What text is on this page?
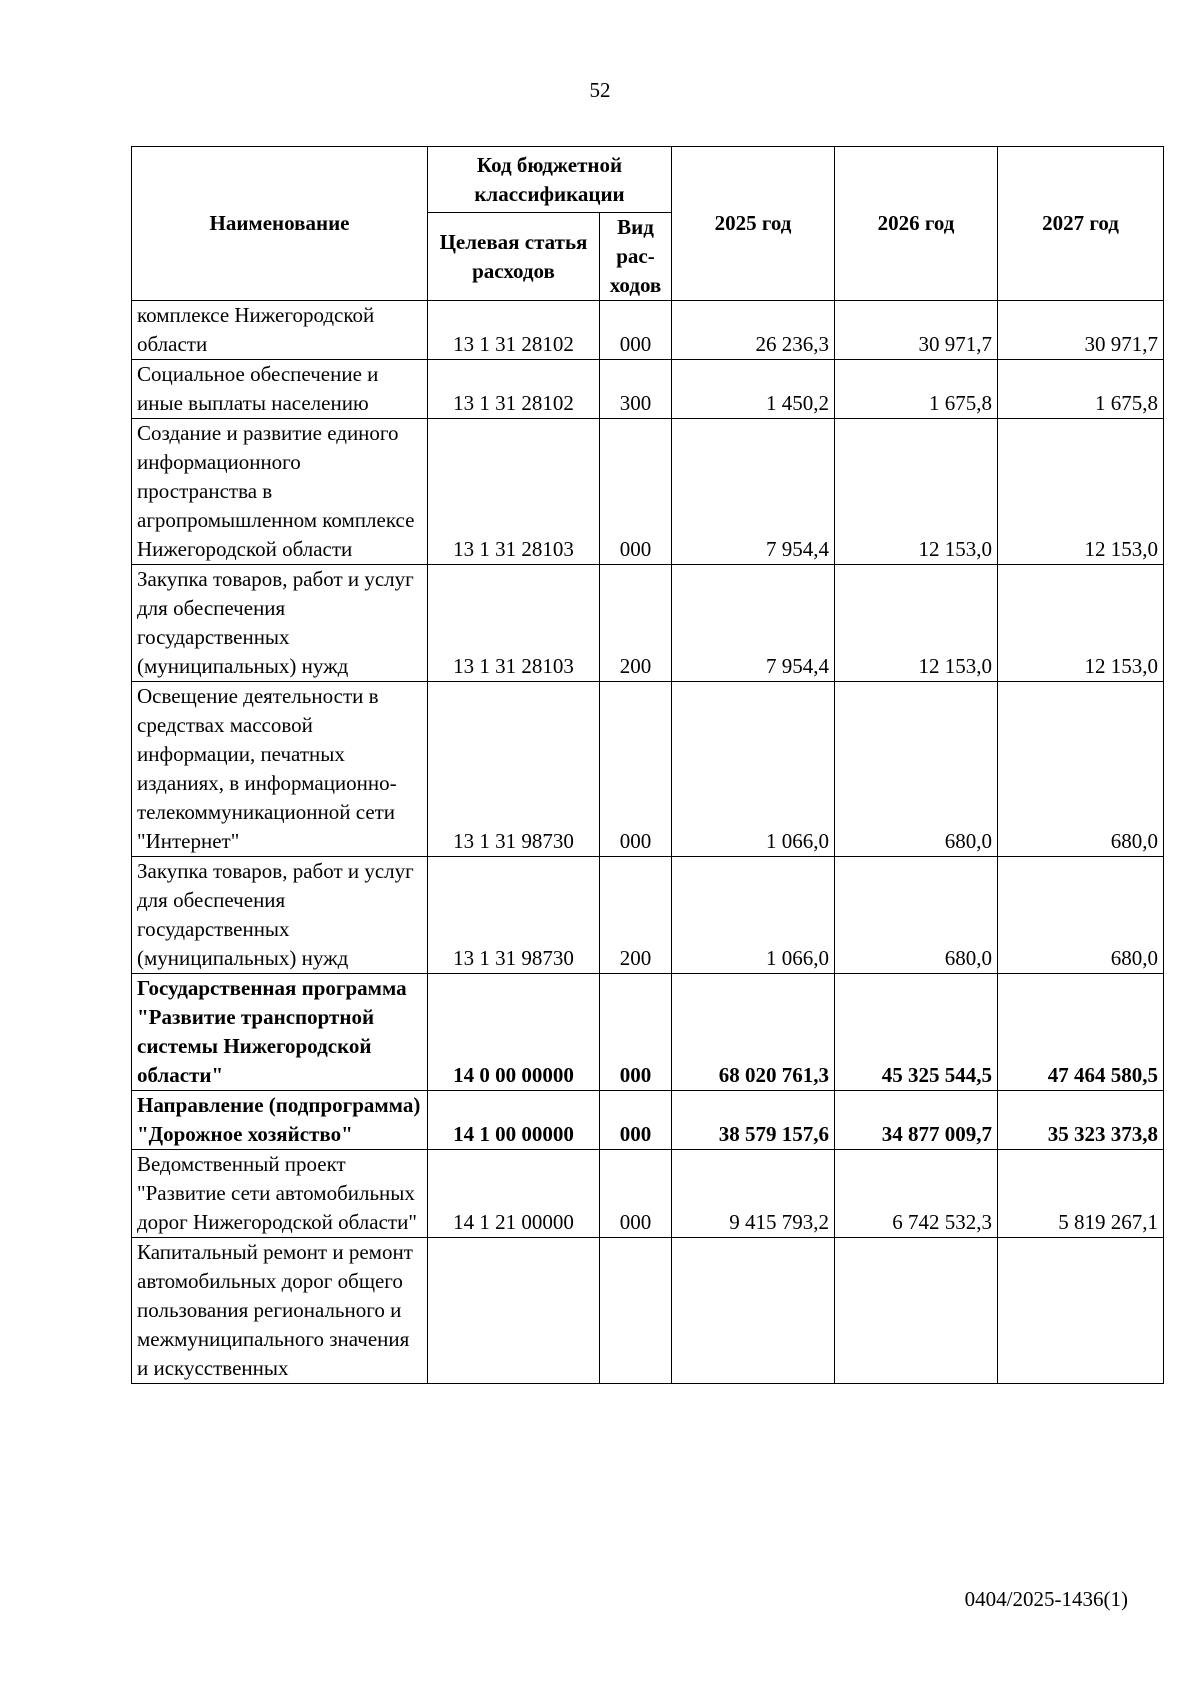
52
Наименование	Код бюджетной классификации		2025 год	2026 год	2027 год
	Целевая статья расходов	Вид рас-ходов			
комплексе Нижегородской области	13 1 31 28102	000	26 236,3	30 971,7	30 971,7
Социальное обеспечение и иные выплаты населению	13 1 31 28102	300	1 450,2	1 675,8	1 675,8
Создание и развитие единого информационного пространства в агропромышленном комплексе Нижегородской области	13 1 31 28103	000	7 954,4	12 153,0	12 153,0
Закупка товаров, работ и услуг для обеспечения государственных (муниципальных) нужд	13 1 31 28103	200	7 954,4	12 153,0	12 153,0
Освещение деятельности в средствах массовой информации, печатных изданиях, в информационно-телекоммуникационной сети "Интернет"	13 1 31 98730	000	1 066,0	680,0	680,0
Закупка товаров, работ и услуг для обеспечения государственных (муниципальных) нужд	13 1 31 98730	200	1 066,0	680,0	680,0
Государственная программа "Развитие транспортной системы Нижегородской области"	14 0 00 00000	000	68 020 761,3	45 325 544,5	47 464 580,5
Направление (подпрограмма) "Дорожное хозяйство"	14 1 00 00000	000	38 579 157,6	34 877 009,7	35 323 373,8
Ведомственный проект "Развитие сети автомобильных дорог Нижегородской области"	14 1 21 00000	000	9 415 793,2	6 742 532,3	5 819 267,1
Капитальный ремонт и ремонт автомобильных дорог общего пользования регионального и межмуниципального значения и искусственных					
0404/2025-1436(1)
